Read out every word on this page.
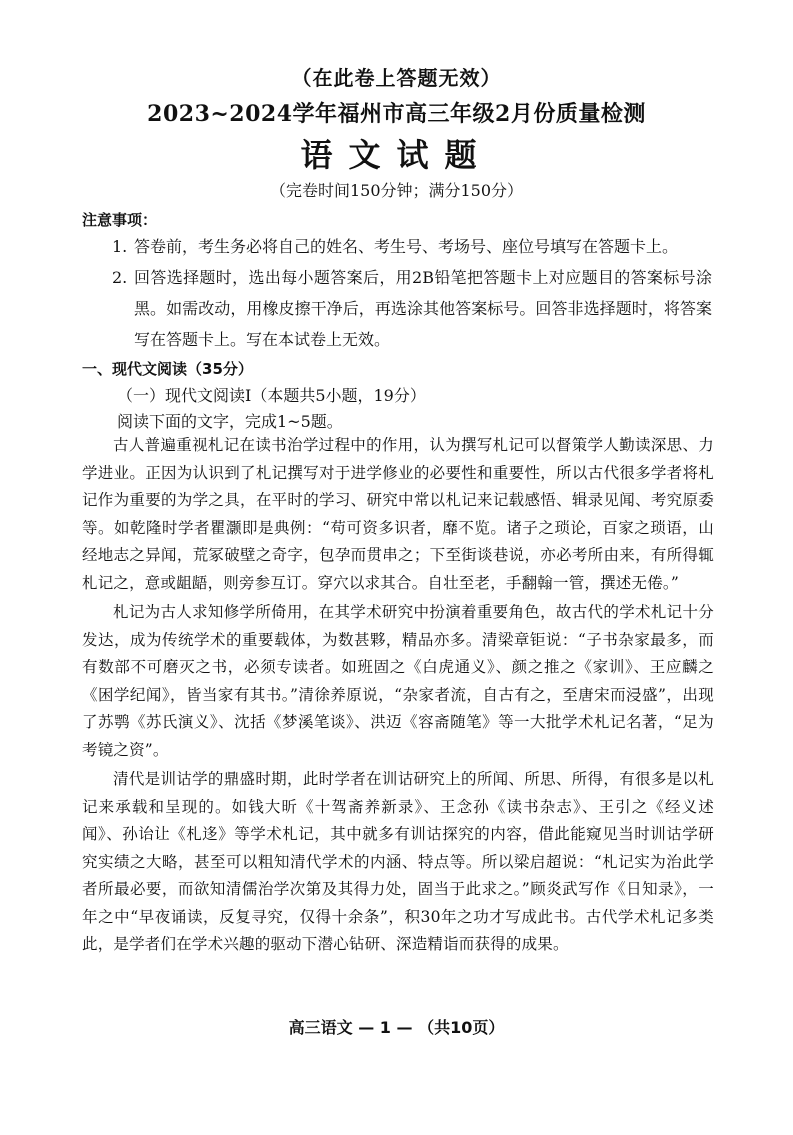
（在此卷上答题无效）
2023~2024学年福州市高三年级2月份质量检测
语文试题
（完卷时间150分钟；满分150分）
注意事项：
1. 答卷前，考生务必将自己的姓名、考生号、考场号、座位号填写在答题卡上。
2. 回答选择题时，选出每小题答案后，用2B铅笔把答题卡上对应题目的答案标号涂黑。如需改动，用橡皮擦干净后，再选涂其他答案标号。回答非选择题时，将答案写在答题卡上。写在本试卷上无效。
一、现代文阅读（35分）
（一）现代文阅读Ⅰ（本题共5小题，19分）
阅读下面的文字，完成1~5题。

古人普遍重视札记在读书治学过程中的作用，认为撰写札记可以督策学人勤读深思、力学进业。正因为认识到了札记撰写对于进学修业的必要性和重要性，所以古代很多学者将札记作为重要的为学之具，在平时的学习、研究中常以札记来记载感悟、辑录见闻、考究原委等。如乾隆时学者瞿灏即是典例：“苟可资多识者，靡不览。诸子之琐论，百家之琐语，山经地志之异闻，荒冢破壁之奇字，包孕而贯串之；下至街谈巷说，亦必考所由来，有所得辄札记之，意或龃龉，则旁参互订。穿穴以求其合。自壮至老，手翻翰一管，撰述无倦。”

札记为古人求知修学所倚用，在其学术研究中扮演着重要角色，故古代的学术札记十分发达，成为传统学术的重要载体，为数甚夥，精品亦多。清梁章钜说：“子书杂家最多，而有数部不可磨灭之书，必须专读者。如班固之《白虎通义》、颜之推之《家训》、王应麟之《困学纪闻》，皆当家有其书。”清徐养原说，“杂家者流，自古有之，至唐宋而浸盛”，出现了苏鹗《苏氏演义》、沈括《梦溪笔谈》、洪迈《容斋随笔》等一大批学术札记名著，“足为考镜之资”。

清代是训诂学的鼎盛时期，此时学者在训诂研究上的所闻、所思、所得，有很多是以札记来承载和呈现的。如钱大昕《十驾斋养新录》、王念孙《读书杂志》、王引之《经义述闻》、孙诒让《札迻》等学术札记，其中就多有训诂探究的内容，借此能窥见当时训诂学研究实绩之大略，甚至可以粗知清代学术的内涵、特点等。所以梁启超说：“札记实为治此学者所最必要，而欲知清儒治学次第及其得力处，固当于此求之。”顾炎武写作《日知录》，一年之中“早夜诵读，反复寻究，仅得十余条”，积30年之功才写成此书。古代学术札记多类此，是学者们在学术兴趣的驱动下潜心钻研、深造精诣而获得的成果。

高三语文 — 1 — （共10页）
